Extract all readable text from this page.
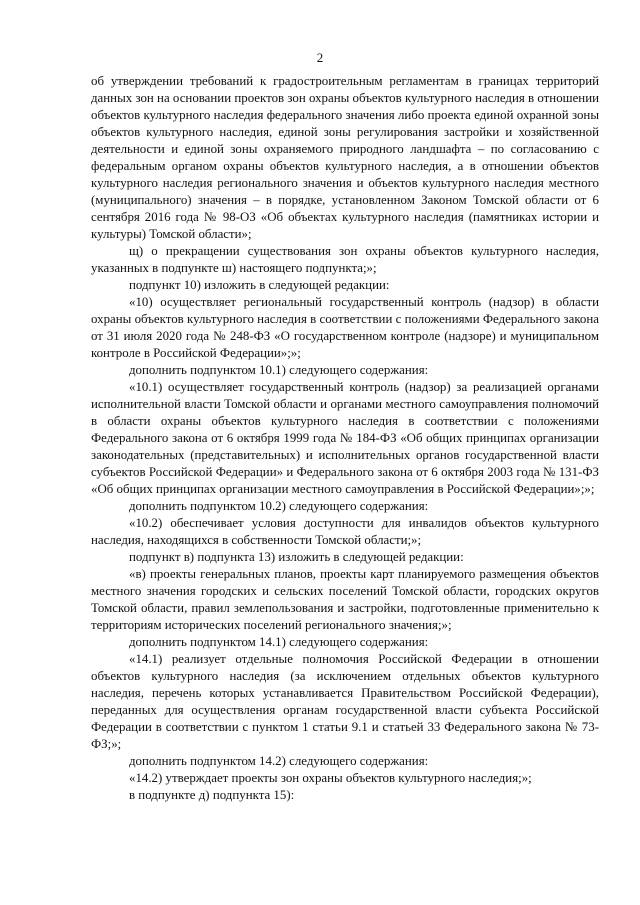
2

об утверждении требований к градостроительным регламентам в границах территорий данных зон на основании проектов зон охраны объектов культурного наследия в отношении объектов культурного наследия федерального значения либо проекта единой охранной зоны объектов культурного наследия, единой зоны регулирования застройки и хозяйственной деятельности и единой зоны охраняемого природного ландшафта – по согласованию с федеральным органом охраны объектов культурного наследия, а в отношении объектов культурного наследия регионального значения и объектов культурного наследия местного (муниципального) значения – в порядке, установленном Законом Томской области от 6 сентября 2016 года № 98-ОЗ «Об объектах культурного наследия (памятниках истории и культуры) Томской области»;

щ) о прекращении существования зон охраны объектов культурного наследия, указанных в подпункте ш) настоящего подпункта;»;

подпункт 10) изложить в следующей редакции:

«10) осуществляет региональный государственный контроль (надзор) в области охраны объектов культурного наследия в соответствии с положениями Федерального закона от 31 июля 2020 года № 248-ФЗ «О государственном контроле (надзоре) и муниципальном контроле в Российской Федерации»;»;

дополнить подпунктом 10.1) следующего содержания:

«10.1) осуществляет государственный контроль (надзор) за реализацией органами исполнительной власти Томской области и органами местного самоуправления полномочий в области охраны объектов культурного наследия в соответствии с положениями Федерального закона от 6 октября 1999 года № 184-ФЗ «Об общих принципах организации законодательных (представительных) и исполнительных органов государственной власти субъектов Российской Федерации» и Федерального закона от 6 октября 2003 года № 131-ФЗ «Об общих принципах организации местного самоуправления в Российской Федерации»;»;

дополнить подпунктом 10.2) следующего содержания:

«10.2) обеспечивает условия доступности для инвалидов объектов культурного наследия, находящихся в собственности Томской области;»;

подпункт в) подпункта 13) изложить в следующей редакции:

«в) проекты генеральных планов, проекты карт планируемого размещения объектов местного значения городских и сельских поселений Томской области, городских округов Томской области, правил землепользования и застройки, подготовленные применительно к территориям исторических поселений регионального значения;»;

дополнить подпунктом 14.1) следующего содержания:

«14.1) реализует отдельные полномочия Российской Федерации в отношении объектов культурного наследия (за исключением отдельных объектов культурного наследия, перечень которых устанавливается Правительством Российской Федерации), переданных для осуществления органам государственной власти субъекта Российской Федерации в соответствии с пунктом 1 статьи 9.1 и статьей 33 Федерального закона № 73-ФЗ;»;

дополнить подпунктом 14.2) следующего содержания:

«14.2) утверждает проекты зон охраны объектов культурного наследия;»;

в подпункте д) подпункта 15):
